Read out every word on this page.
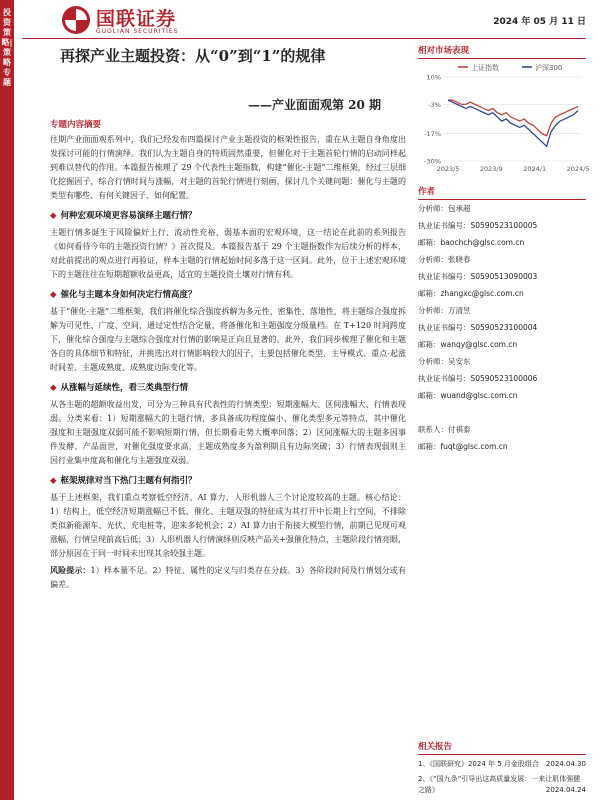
投资策略|策略专题
国联证券
GUOLIAN SECURITIES
2024 年 05 月 11 日
再探产业主题投资：从“0”到“1”的规律
——产业面面观第 20 期
专题内容摘要

往期产业面面观系列中，我们已经发布四篇探讨产业主题投资的框架性报告，重在从主题自身角度出发探讨可能的行情演绎。我们认为主题自身的特质固然重要，但催化对于主题首轮行情的启动同样起到难以替代的作用。本篇报告梳理了 29 个代表性主题指数，构建“催化-主题”二维框架，经过三层细化挖掘因子，综合行情时间与涨幅，对主题的首轮行情进行刻画，探讨几个关键问题：催化与主题的类型有哪些、有何关键因子、如何配置。

◆ 何种宏观环境更容易演绎主题行情？

主题行情多诞生于风险偏好上行、流动性充裕、弱基本面的宏观环境，这一结论在此前的系列报告《如何看待今年的主题投资行情？》首次提及。本篇报告基于 29 个主题指数作为后续分析的样本，对此前提出的观点进行再验证，样本主题的行情起始时间多落于这一区间。此外，位于上述宏观环境下的主题往往在短期超额收益更高，适宜的主题投资土壤对行情有利。

◆ 催化与主题本身如何决定行情高度？

基于“催化-主题”二维框架，我们将催化综合强度拆解为多元性、密集性、落地性，将主题综合强度拆解为可见性、广度、空间，通过定性结合定量，将备催化和主题强度分级量档。在 T+120 时间跨度下，催化综合强度与主题综合强度对行情的影响是正向且显著的。此外，我们同步梳理了催化和主题各自的具体细节和特征，并挑选出对行情影响较大的因子，主要包括催化类型、主导模式、重点-起涨时间差、主题成熟度、成熟度边际变化等。

◆ 从涨幅与延续性，看三类典型行情

从各主题的超额收益出发，可分为三种具有代表性的行情类型：短期涨幅大、区间涨幅大、行情表现弱。分类来看：1）短期涨幅大的主题行情，多具备成功程度偏小、催化类型多元等特点，其中催化强度和主题强度双弱可能不影响短期行情，但长期看走势大概率回落；2）区间涨幅大的主题多因事件发酵、产品面世，对催化强度要求高，主题成熟度多为盈利期且有边际突破；3）行情表现弱则主因行业集中度高和催化与主题强度双弱。

◆ 框架规律对当下热门主题有何指引？

基于上述框架，我们重点考察低空经济、AI 算力、人形机器人三个讨论度较高的主题。核心结论：1）结构上，低空经济短期涨幅已不低，催化、主题双强的特征成为其打开中长期上行空间，不排除类似新能源车、光伏、充电桩等，迎来多轮机会；2）AI 算力由于衔接大模型行情，前期已见现可观涨幅，行情呈现前高后低；3）人形机器人行情演绎则反映产品关+强催化特点，主题阶段行情亮眼，部分原因在于同一时间未出现其余较强主题。

风险提示：1）样本量不足。2）特征、属性的定义与归类存在分歧。3）各阶段时间及行情划分或有偏差。

相对市场表现
上证指数	沪深300
10%
-3%
-17%
-30%
2023/5	2023/9	2024/1	2024/5
作者
分析师：包承超
执业证书编号：S0590523100005
邮箱：baochch@glsc.com.cn
分析师：张晓春
执业证书编号：S0590513090003
邮箱：zhangxc@glsc.com.cn
分析师：万清昱
执业证书编号：S0590523100004
邮箱：wanqy@glsc.com.cn
分析师：吴安东
执业证书编号：S0590523100006
邮箱：wuand@glsc.com.cn
联系人：付祺泰
邮箱：fuqt@glsc.com.cn
相关报告
1、《国联研究》2024 年 5 月金股组合 2024.04.30
2、《“国九条”引导出这高质量发展：一来让肌体强健之路》	2024.04.24
